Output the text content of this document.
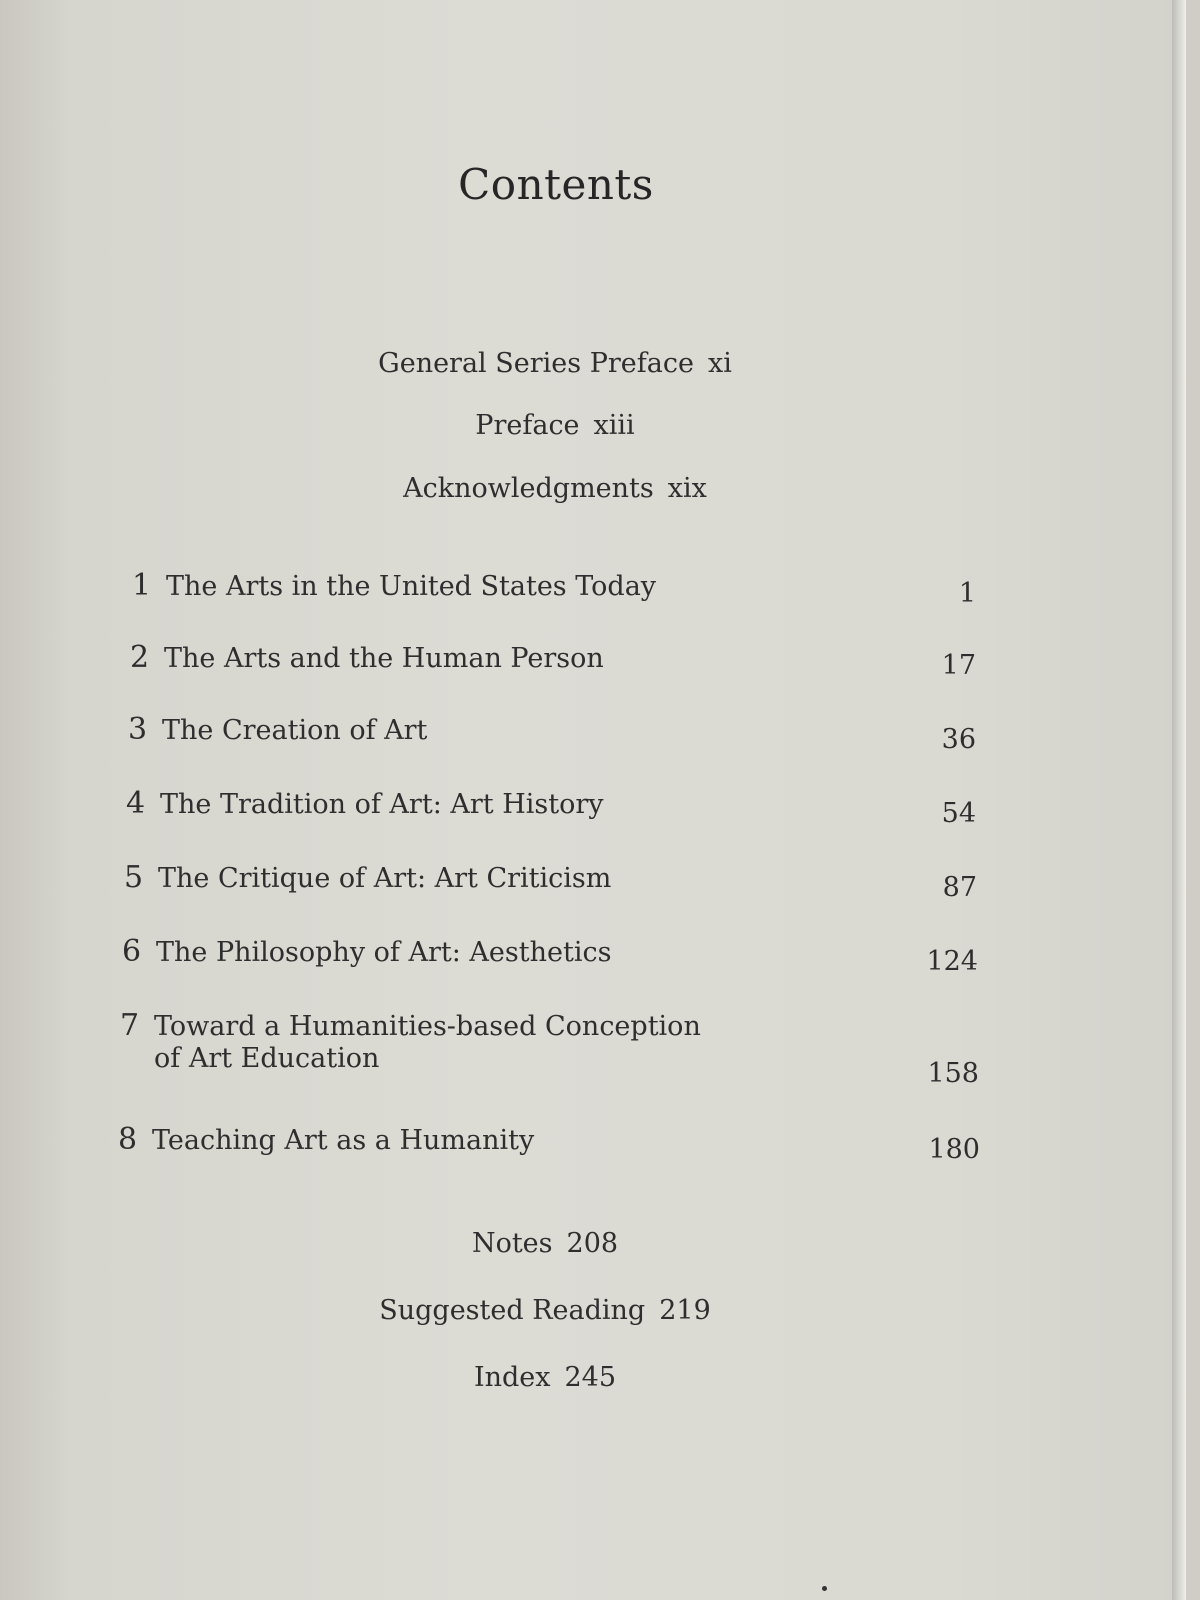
Contents
General Series Preface xi
Preface xiii
Acknowledgments xix
1 The Arts in the United States Today	1
2 The Arts and the Human Person	17
3 The Creation of Art	36
4 The Tradition of Art: Art History	54
5 The Critique of Art: Art Criticism	87
6 The Philosophy of Art: Aesthetics	124
7 Toward a Humanities-based Conception
of Art Education	158
8 Teaching Art as a Humanity	180
Notes 208
Suggested Reading 219
Index 245
